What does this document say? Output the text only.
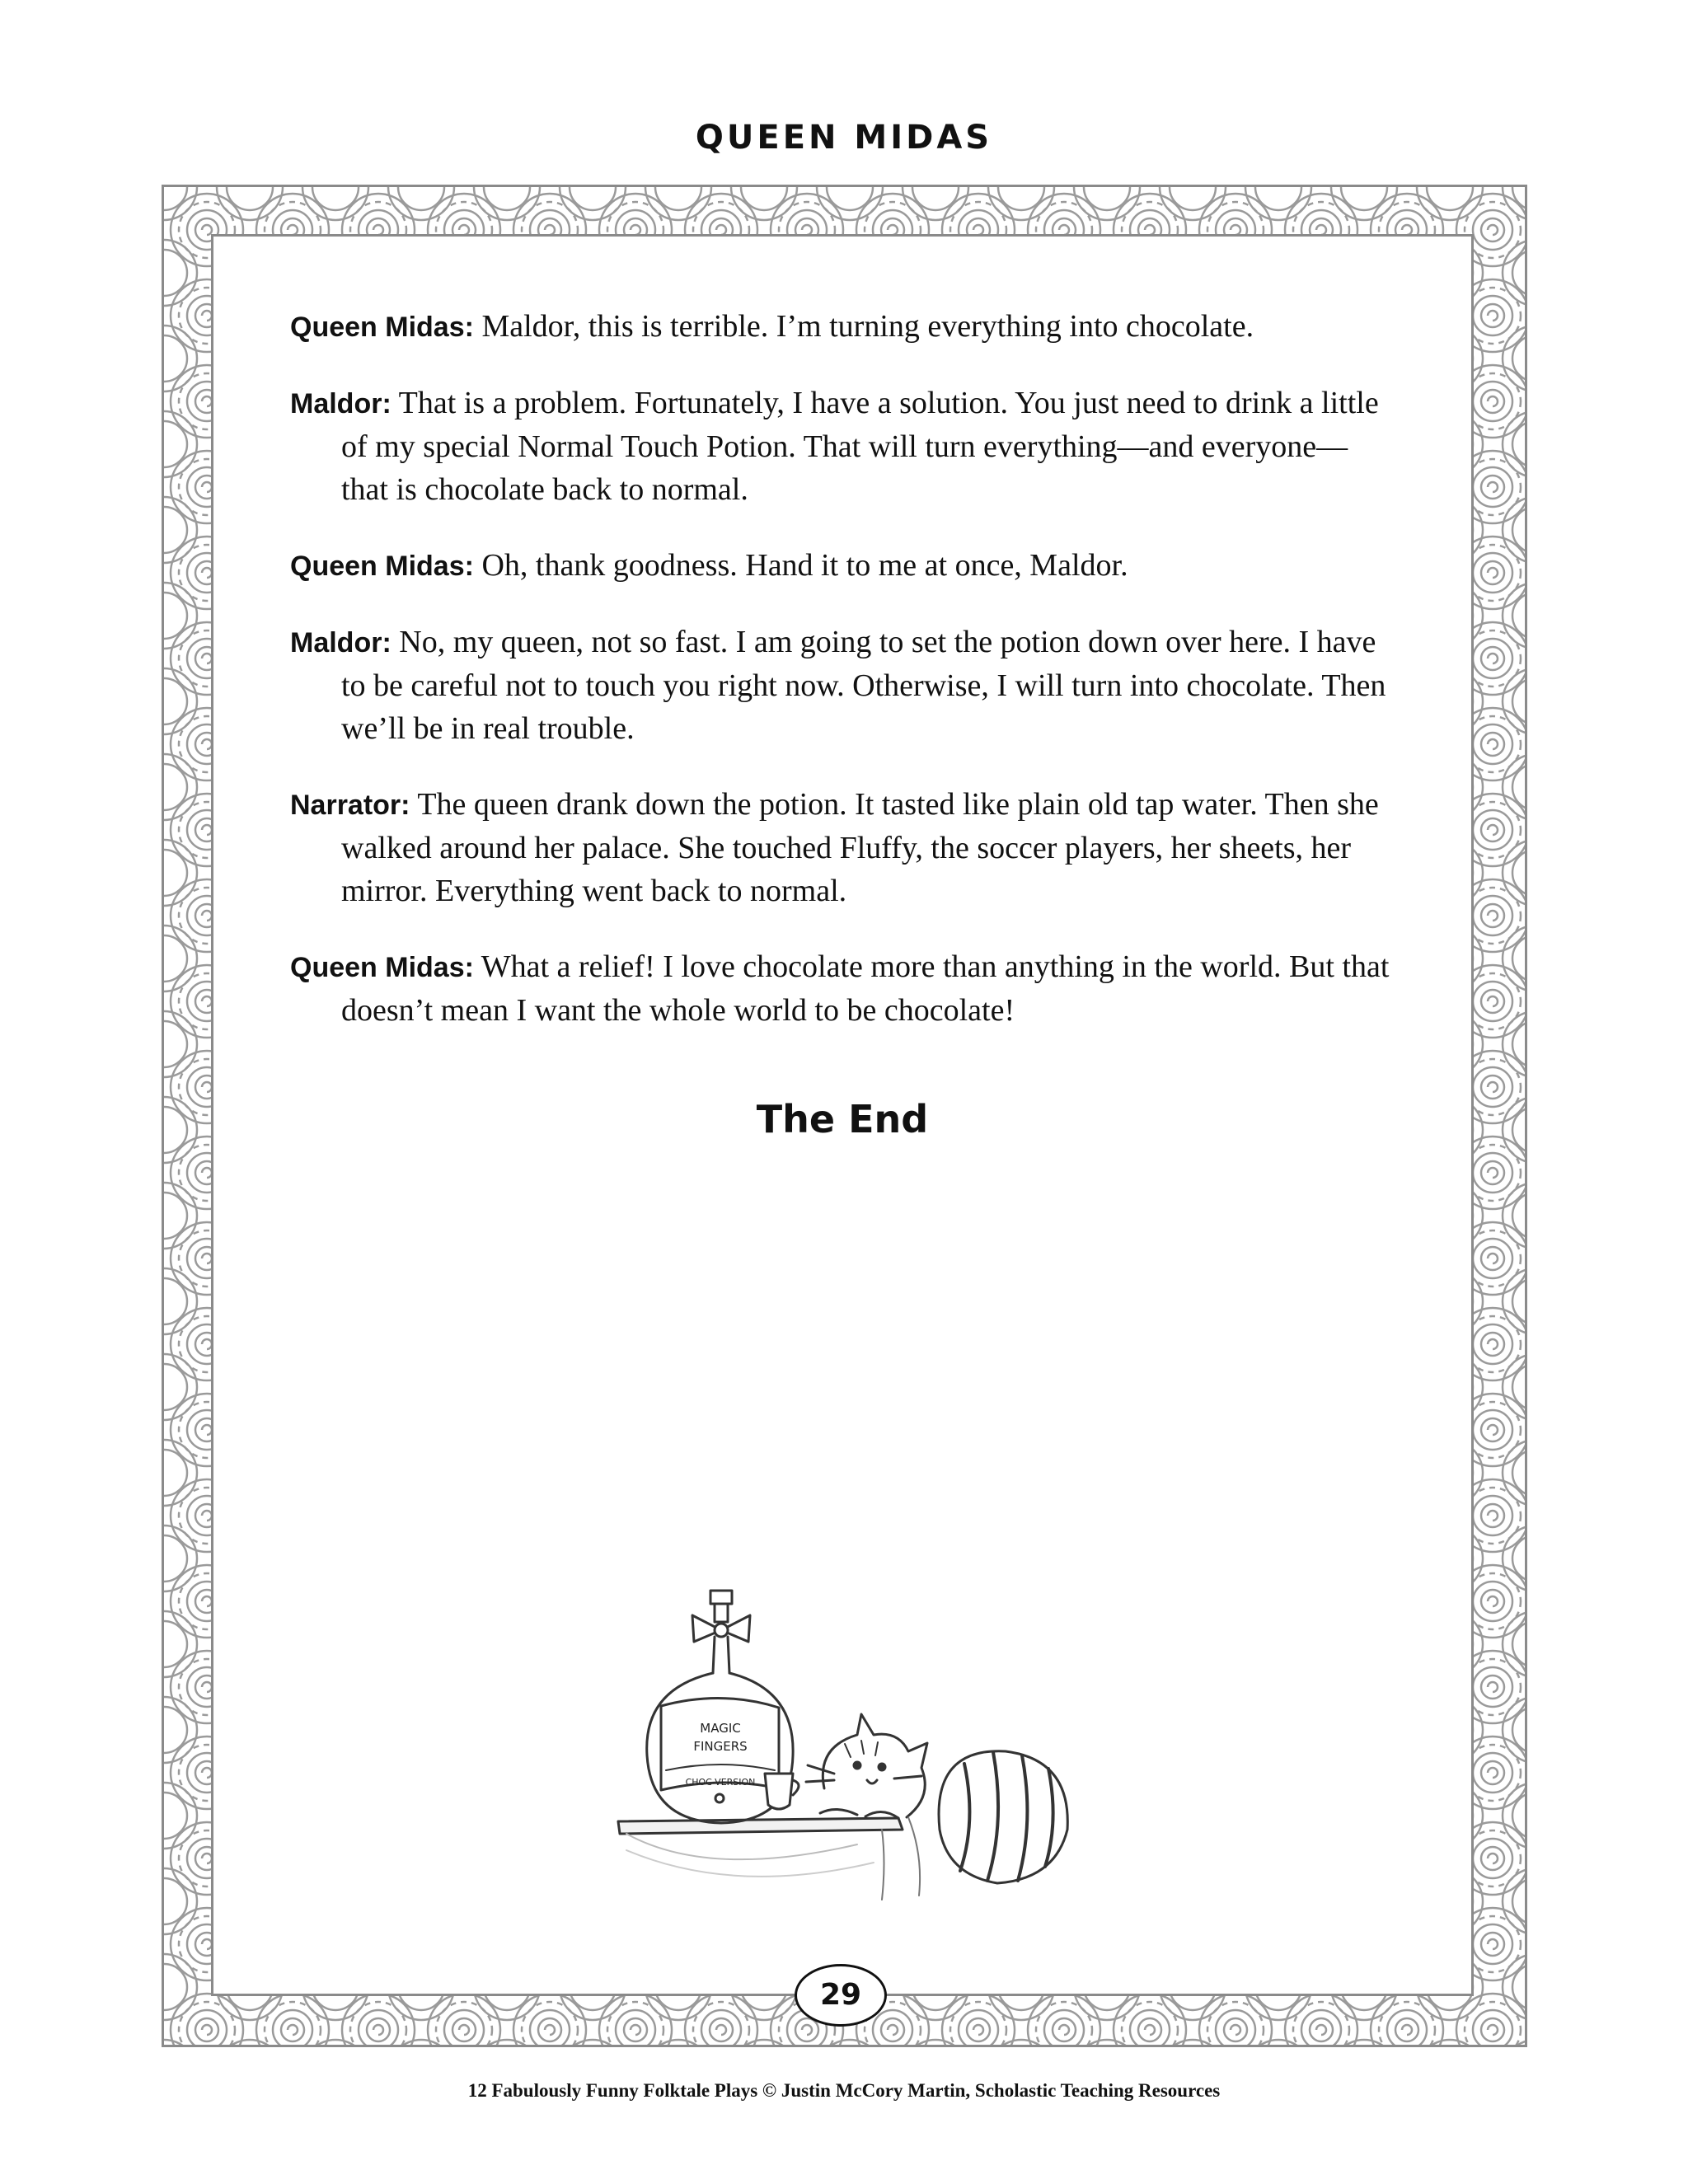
QUEEN MIDAS

Queen Midas: Maldor, this is terrible. I’m turning everything into chocolate.

Maldor: That is a problem. Fortunately, I have a solution. You just need to drink a little of my special Normal Touch Potion. That will turn everything—and everyone—that is chocolate back to normal.

Queen Midas: Oh, thank goodness. Hand it to me at once, Maldor.

Maldor: No, my queen, not so fast. I am going to set the potion down over here. I have to be careful not to touch you right now. Otherwise, I will turn into chocolate. Then we’ll be in real trouble.

Narrator: The queen drank down the potion. It tasted like plain old tap water. Then she walked around her palace. She touched Fluffy, the soccer players, her sheets, her mirror. Everything went back to normal.

Queen Midas: What a relief! I love chocolate more than anything in the world. But that doesn’t mean I want the whole world to be chocolate!

The End
MAGIC
FINGERS
CHOC-VERSION
29
12 Fabulously Funny Folktale Plays © Justin McCory Martin, Scholastic Teaching Resources
